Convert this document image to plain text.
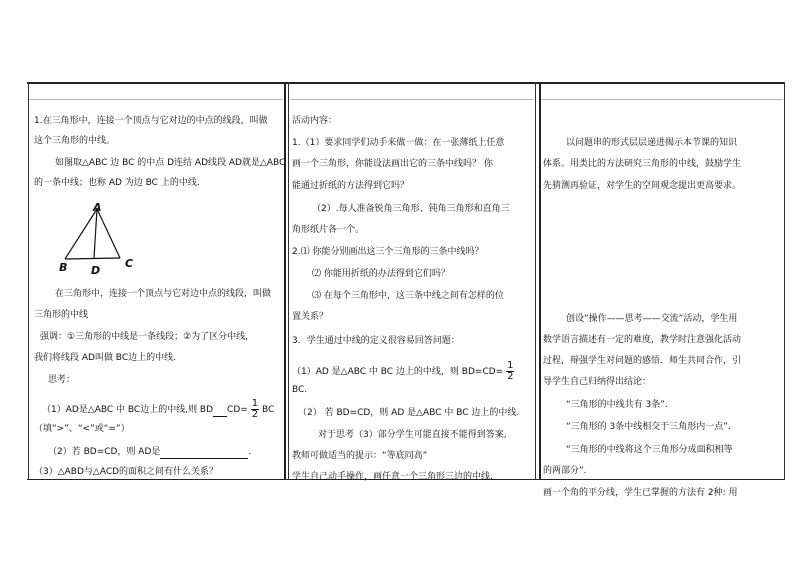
1.在三角形中，连接一个顶点与它对边的中点的线段，叫做
这个三角形的中线。
如图取△ABC 边 BC 的中点 D连结 AD线段 AD就是△ABC
的一条中线；也称 AD 为边 BC 上的中线.
A
B	C
D
在三角形中，连接一个顶点与它对边中点的线段，叫做
三角形的中线
强调：①三角形的中线是一条线段；②为了区分中线，
我们将线段 AD叫做 BC边上的中线.
思考：
（1）AD是△ABC 中 BC边上的中线,则 BD $CD= \frac{1}{2}$ BC
（填“>”、“<”或“=”）
（2）若 BD=CD，则 AD是	.
（3）△ABD与△ACD的面积之间有什么关系？
活动内容：
1.（1）要求同学们动手来做一做：在一张薄纸上任意
画一个三角形，你能设法画出它的三条中线吗？ 你
能通过折纸的方法得到它吗？
（2）.每人准备锐角三角形、钝角三角形和直角三
角形纸片各一个。
2.⑴ 你能分别画出这三个三角形的三条中线吗？
⑵ 你能用折纸的办法得到它们吗？
⑶ 在每个三角形中，这三条中线之间有怎样的位
置关系？
3．学生通过中线的定义很容易回答问题：
（1）AD 是△ABC 中 BC 边上的中线，则 $BD=CD= \frac{1}{2}$
BC.
（2） 若 BD=CD，则 AD 是△ABC 中 BC 边上的中线.
对于思考（3）部分学生可能直接不能得到答案,
教师可做适当的提示：“等底同高”
学生自己动手操作，画任意一个三角形三边的中线,
以问题串的形式层层递进揭示本节课的知识
体系。用类比的方法研究三角形的中线，鼓励学生
先猜测再验证，对学生的空间观念提出更高要求。
创设“操作——思考——交流”活动，学生用
数学语言描述有一定的难度，教学时注意强化活动
过程，辩强学生对问题的感悟．师生共同合作，引
导学生自己归纳得出结论：
“三角形的中线共有 3条”.
“三角形的 3条中线相交于三角形内一点”.
“三角形的中线将这个三角形分成面积相等
的两部分”.
画一个角的平分线，学生已掌握的方法有 2种: 用
